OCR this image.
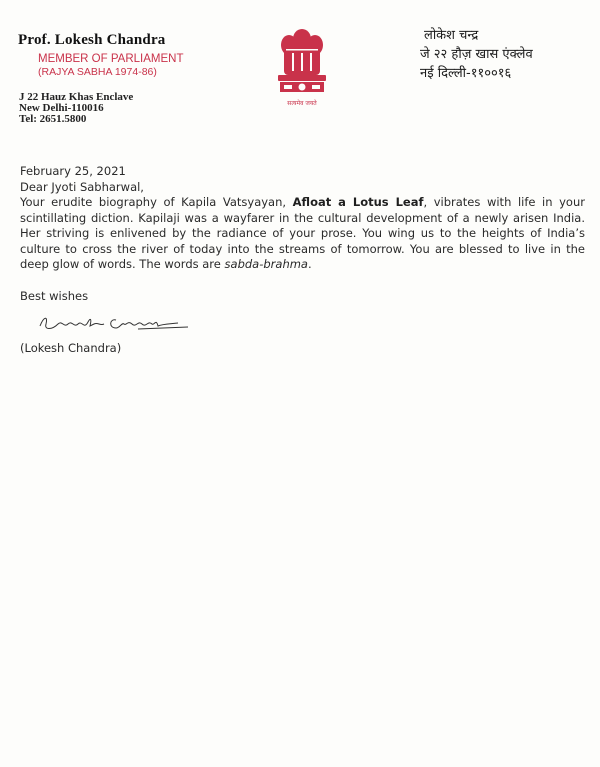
Prof. Lokesh Chandra
MEMBER OF PARLIAMENT
(RAJYA SABHA 1974-86)
J 22 Hauz Khas Enclave
New Delhi-110016
Tel: 2651.5800
सत्यमेव जयते
लोकेश चन्द्र
जे २२ हौज़ खास एंक्लेव
नई दिल्ली-११००१६

February 25, 2021

Dear Jyoti Sabharwal,

Your erudite biography of Kapila Vatsyayan, Afloat a Lotus Leaf, vibrates with life in your scintillating diction. Kapilaji was a wayfarer in the cultural development of a newly arisen India. Her striving is enlivened by the radiance of your prose. You wing us to the heights of India’s culture to cross the river of today into the streams of tomorrow. You are blessed to live in the deep glow of words. The words are sabda-brahma.

Best wishes
(Lokesh Chandra)
